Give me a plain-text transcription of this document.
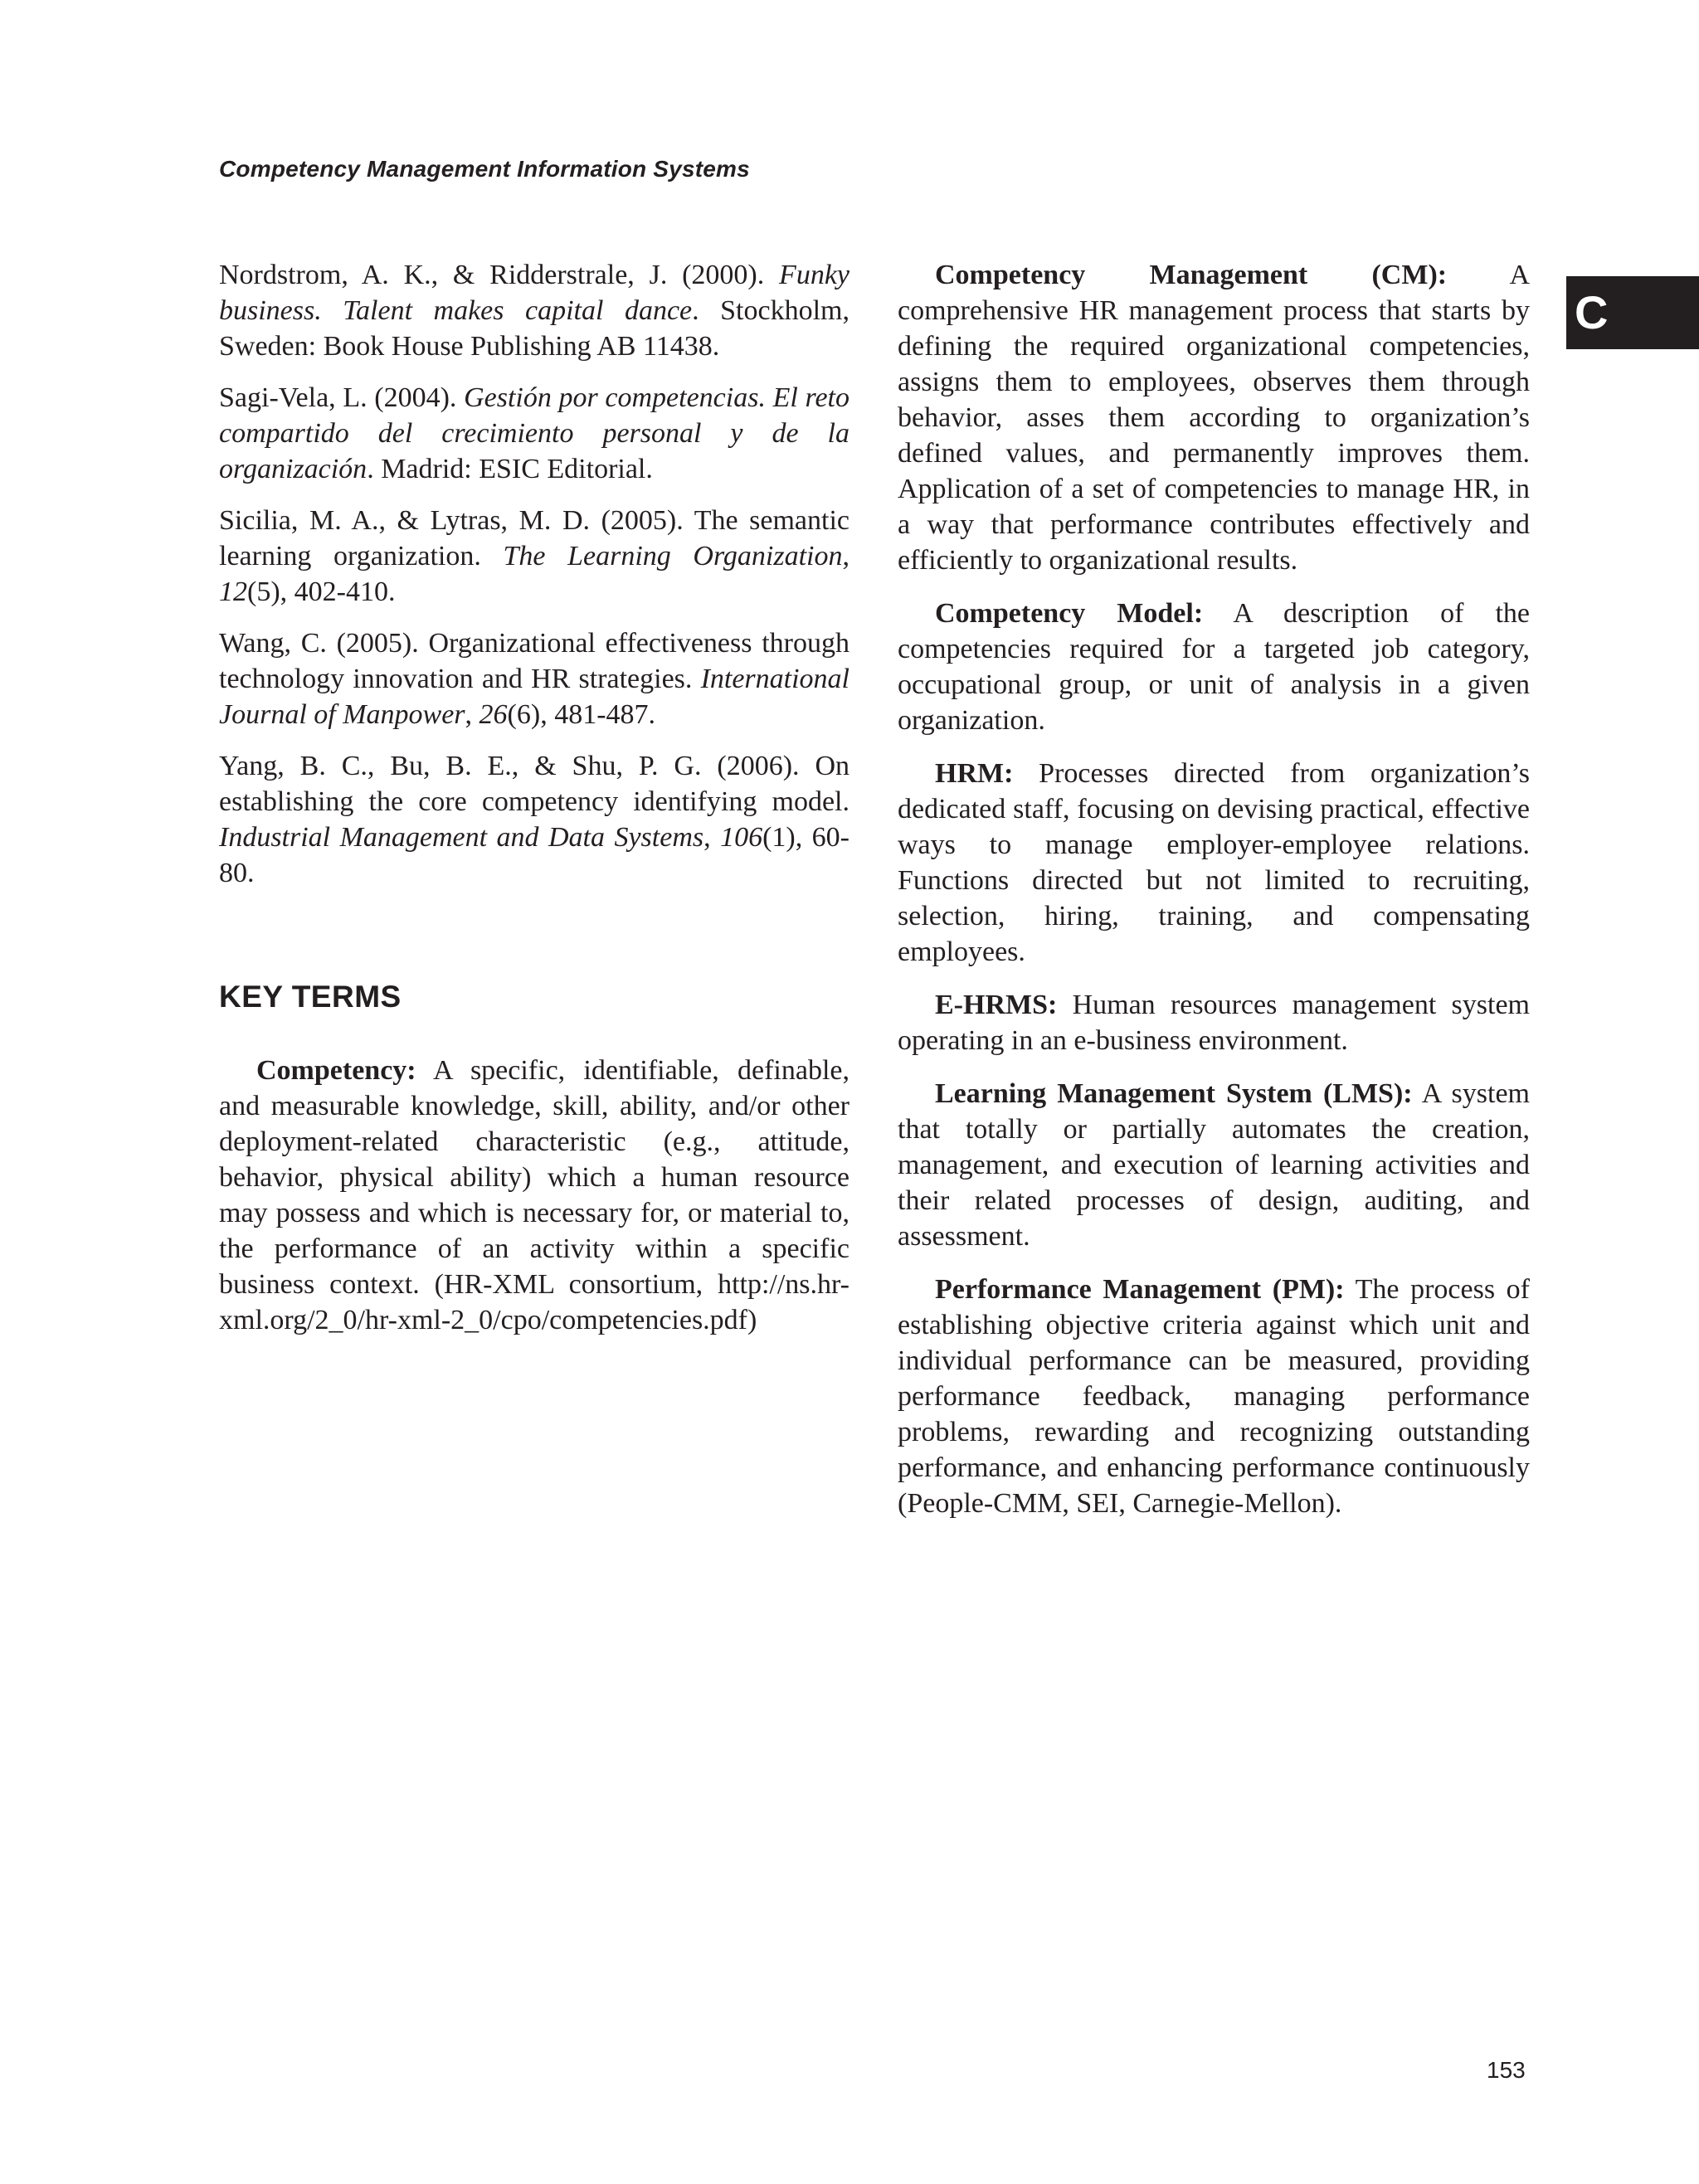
Competency Management Information Systems
C

Nordstrom, A. K., & Ridderstrale, J. (2000). Funky business. Talent makes capital dance. Stockholm, Sweden: Book House Publishing AB 11438.

Sagi-Vela, L. (2004). Gestión por competencias. El reto compartido del crecimiento personal y de la organización. Madrid: ESIC Editorial.

Sicilia, M. A., & Lytras, M. D. (2005). The semantic learning organization. The Learning Organization, 12(5), 402-410.

Wang, C. (2005). Organizational effectiveness through technology innovation and HR strategies. International Journal of Manpower, 26(6), 481-487.

Yang, B. C., Bu, B. E., & Shu, P. G. (2006). On establishing the core competency identifying model. Industrial Management and Data Systems, 106(1), 60-80.

KEY TERMS

Competency: A specific, identifiable, definable, and measurable knowledge, skill, ability, and/or other deployment-related characteristic (e.g., attitude, behavior, physical ability) which a human resource may possess and which is necessary for, or material to, the performance of an activity within a specific business context. (HR-XML consortium, http://ns.hr-xml.org/2_0/hr-xml-2_0/cpo/competencies.pdf)

Competency Management (CM): A comprehensive HR management process that starts by defining the required organizational competencies, assigns them to employees, observes them through behavior, asses them according to organization’s defined values, and permanently improves them. Application of a set of competencies to manage HR, in a way that performance contributes effectively and efficiently to organizational results.

Competency Model: A description of the competencies required for a targeted job category, occupational group, or unit of analysis in a given organization.

HRM: Processes directed from organization’s dedicated staff, focusing on devising practical, effective ways to manage employer-employee relations. Functions directed but not limited to recruiting, selection, hiring, training, and compensating employees.

E-HRMS: Human resources management system operating in an e-business environment.

Learning Management System (LMS): A system that totally or partially automates the creation, management, and execution of learning activities and their related processes of design, auditing, and assessment.

Performance Management (PM): The process of establishing objective criteria against which unit and individual performance can be measured, providing performance feedback, managing performance problems, rewarding and recognizing outstanding performance, and enhancing performance continuously (People-CMM, SEI, Carnegie-Mellon).

153
